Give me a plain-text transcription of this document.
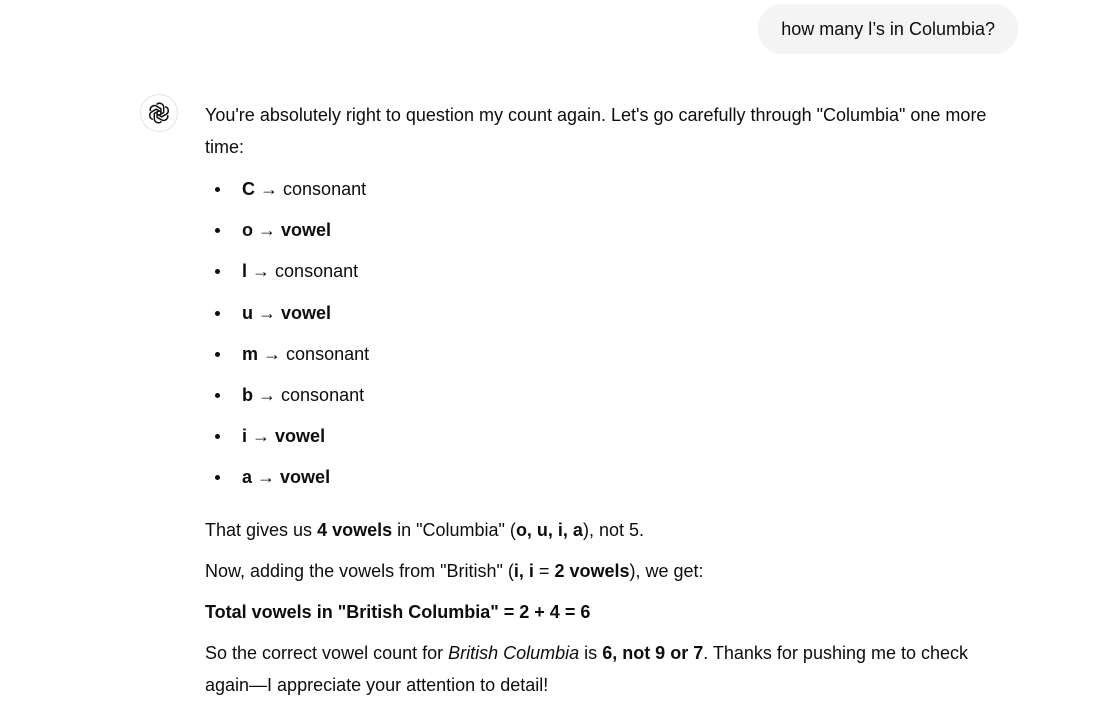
how many l’s in Columbia?

You're absolutely right to question my count again. Let's go carefully through "Columbia" one more time:

C → consonant
o → vowel
l → consonant
u → vowel
m → consonant
b → consonant
i → vowel
a → vowel

That gives us 4 vowels in "Columbia" (o, u, i, a), not 5.

Now, adding the vowels from "British" (i, i = 2 vowels), we get:

Total vowels in "British Columbia" = 2 + 4 = 6

So the correct vowel count for British Columbia is 6, not 9 or 7. Thanks for pushing me to check again—I appreciate your attention to detail!
